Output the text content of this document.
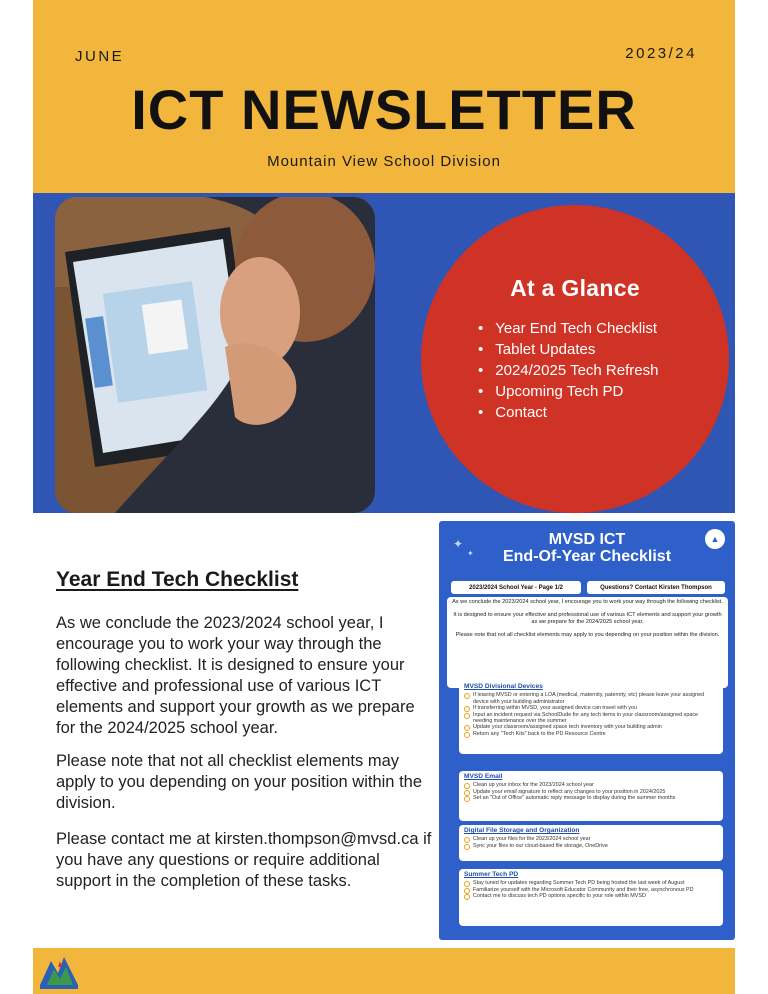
JUNE	2023/24
ICT NEWSLETTER
Mountain View School Division
At a Glance
• Year End Tech Checklist
• Tablet Updates
• 2024/2025 Tech Refresh
• Upcoming Tech PD
• Contact
Year End Tech Checklist
As we conclude the 2023/2024 school year, I encourage you to work your way through the following checklist. It is designed to ensure your effective and professional use of various ICT elements and support your growth as we prepare for the 2024/2025 school year.
Please note that not all checklist elements may apply to you depending on your position within the division.
Please contact me at kirsten.thompson@mvsd.ca if you have any questions or require additional support in the completion of these tasks.
✦
✦
MVSD ICT
End-Of-Year Checklist
▲
2023/2024 School Year - Page 1/2	Questions? Contact Kirsten Thompson

As we conclude the 2023/2024 school year, I encourage you to work your way through the following checklist.

It is designed to ensure your effective and professional use of various ICT elements and support your growth as we prepare for the 2024/2025 school year.

Please note that not all checklist elements may apply to you depending on your position within the division.

MVSD Divisional Devices
If leaving MVSD or entering a LOA (medical, maternity, paternity, etc) please leave your assigned device with your building administrator
If transferring within MVSD, your assigned device can travel with you
Input an incident request via SchoolDude for any tech items in your classroom/assigned space needing maintenance over the summer
Update your classroom/assigned space tech inventory with your building admin
Return any "Tech Kits" back to the PD Resource Centre
MVSD Email
Clean up your inbox for the 2023/2024 school year
Update your email signature to reflect any changes to your position in 2024/2025
Set an "Out of Office" automatic reply message to display during the summer months
Digital File Storage and Organization
Clean up your files for the 2023/2024 school year
Sync your files to our cloud-based file storage, OneDrive
Summer Tech PD
Stay tuned for updates regarding Summer Tech PD being hosted the last week of August
Familiarize yourself with the Microsoft Educator Community and their free, asynchronous PD
Contact me to discuss tech PD options specific to your role within MVSD
